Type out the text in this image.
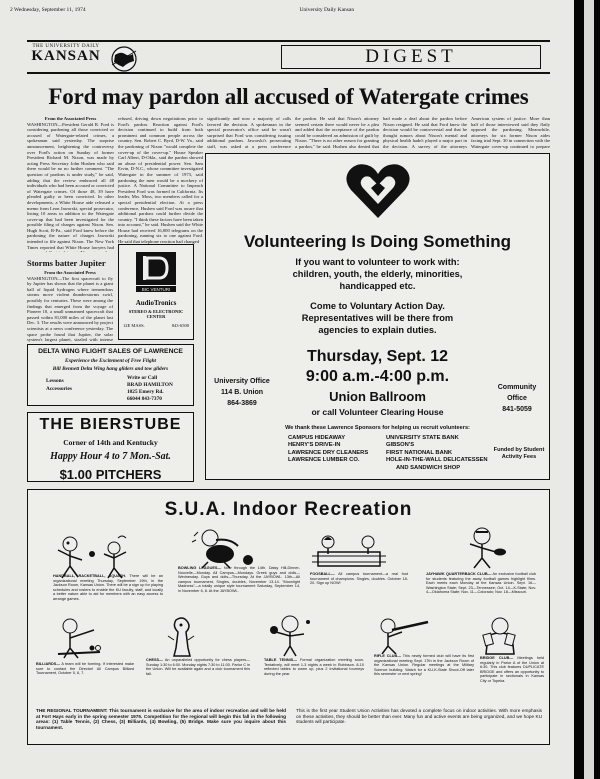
2 Wednesday, September 11, 1974	University Daily Kansan
THE UNIVERSITY DAILY
KANSAN	DIGEST
Ford may pardon all accused of Watergate crimes
From the Associated Press
WASHINGTON—President Gerald R. Ford is considering pardoning all those convicted or accused of Watergate-related crimes, a spokesman said yesterday. The surprise announcement, heightening the controversy over Ford's action on Sunday of former President Richard M. Nixon, was made by acting Press Secretary John Hushen who said there would be no no further comment. "The question of pardons is under study," he said, adding that the review embraced all 48 individuals who had been accused or convicted of Watergate crimes. Of those 48, 39 have pleaded guilty or been convicted. In other developments, a White House aide released a memo from Leon Jaworski, special prosecutor, listing 10 areas in addition to the Watergate cover-up that had been investigated for the possible filing of charges against Nixon. Sen. Hugh Scott, R-Pa., said Ford knew before the pardoning the nature of charges Jaworski intended to file against Nixon. The New York Times reported that White House lawyers had
refused, driving down negotiations prior to Ford's pardon. Reaction against Ford's decision continued to build from both prominent and common people across the country. Sen. Robert C. Byrd, D-W. Va., said the pardoning of Nixon "would complete the cover-up of the cover-up." House Speaker Carl Albert, D-Okla., said the pardon showed an abuse of presidential power. Sen. Sam Ervin, D-N.C., whose committee investigated Watergate in the summer of 1973, said pardoning the men would be a mockery of justice. A National Committee to Impeach President Ford was formed in California. Its leader, Mrs. Moss, two members called for a special presidential election. At a press conference, Hushen said Ford was aware that additional pardons could further divide the country. "I think these factors have been taken into account," he said. Hushen said the White House had received 16,000 telegrams on the pardoning, running six to one against Ford. He said that telephone reaction had changed
significantly and now a majority of calls favored the decision. A spokesman in the special prosecutor's office said he wasn't surprised that Ford was considering issuing additional pardons. Jaworski's prosecuting staff, was asked at a press conference
the pardon. He said that Nixon's attorney seemed certain there would never be a plea and added that the acceptance of the pardon could be considered an admission of guilt by Nixon. "There is no other reason for granting a pardon," he said. Hushen also denied that
had made a deal about the pardon before Nixon resigned. He said that Ford knew the decision would be controversial and that he thought rumors about Nixon's mental and physical health hadn't played a major part in the decision. A survey of the attorneys
American system of justice. More than half of those interviewed said they flatly opposed the pardoning. Meanwhile, attorneys for six former Nixon aides facing trial Sept. 30 in connection with the Watergate cover-up continued to prepare
Storms batter Jupiter
From the Associated Press
WASHINGTON—The first spacecraft to fly by Jupiter has shown that the planet is a giant ball of liquid hydrogen where tremendous storms move violent thunderstorms swirl, possibly for centuries. These were among the findings that emerged from the voyage of Pioneer 10, a small unmanned spacecraft that passed within 81,000 miles of the planet last Dec. 3. The results were announced by project scientists at a news conference yesterday. The space probe found that Jupiter, the solar system's largest planet, sizzled with intense
BIC VENTURI
AudioTronics
STEREO & ELECTRONIC
CENTER
12E MASS.	843-6500
DELTA WING FLIGHT SALES OF LAWRENCE
Experience the Excitement of Free Flight
Bill Bennett Delta Wing hang gliders and tow gliders
Lessons
Accessories
Write or Call
BRAD HAMILTON
1025 Emery Rd.
66044 843-7370
THE BIERSTUBE
Corner of 14th and Kentucky
Happy Hour 4 to 7 Mon.-Sat.
$1.00 PITCHERS
Volunteering Is Doing Something
If you want to volunteer to work with:
children, youth, the elderly, minorities,
handicapped etc.
Come to Voluntary Action Day.
Representatives will be there from
agencies to explain duties.
Thursday, Sept. 12
9:00 a.m.-4:00 p.m.
Union Ballroom
or call Volunteer Clearing House
University Office
114 B. Union
864-3869
Community Office
841-5059
We thank these Lawrence Sponsors for helping us recruit volunteers:
CAMPUS HIDEAWAY
HENRY'S DRIVE-IN
LAWRENCE DRY CLEANERS
LAWRENCE LUMBER CO.
UNIVERSITY STATE BANK
GIBSON'S
FIRST NATIONAL BANK
HOLE-IN-THE-WALL DELICATESSEN
AND SANDWICH SHOP
Funded by Student
Activity Fees
S.U.A. Indoor Recreation
HANDBALL, RACKETBALL, SQUASH. There will be an organizational meeting Thursday, September 19th, in the Jackson Room, Kansas Union. There will be a sign up for playing schedules and rosters to enable the KU faculty, staff, and locally a better nature able to aid for members with an easy access to arrange games.
BOWLING LEAGUES— Now through the 14th. Daisy Hill-Dinner-Nouvelle—Monday. All Campus—Mondays. Greek guys and dolls—Wednesday. Guys and dolls—Thursday. At the JAYBOWL. 13th—All campus tournament, Singles, doubles, November 13-14. "Moonlight Madness"—a totally unique style tournament Saturday, September 14, in November 6, 8. At the JAYBOWL.
FOOSBALL— All campus tournament—a real foot tournament of champions. Singles, doubles. October 18-20. Sign up NOW!
JAYHAWK QUARTERBACK CLUB— An exclusive football club for students featuring the away football games highlight films. Each meets each Monday at the Kansas Union. Sept. 16—Washington State; Sept. 23—Tennessee; Oct. 14—K-State; Nov. 4—Oklahoma State; Nov. 11—Colorado; Nov. 18—Missouri.
BILLIARDS— A team will be forming. If interested make sure to contact the Director! All Campus Billiard Tournament, October 5, 6, 7.
CHESS— An unparalleled opportunity for chess players—Sunday 1:30 to 6:00. Monday nights 7:30 to 11:00. Parlor C in the Union. Will be available again and a club tournament this fall.
TABLE TENNIS— Formal organization meeting soon. Tentatively, will meet 1-3 nights a week in Robinson. 8-10 reflected tables to warm up, plus 2 invitational tourneys during the year.
RIFLE CLUB— This newly formed club will have its first organizational meeting Sept. 17th in the Jackson Room of the Kansas Union. Regular meetings at the Military Science building. Watch for a KU-K-State Shoot-Off later this semester or next spring!
BRIDGE CLUB— Meetings held regularly in Parlor A of the Union at 6:30. This club features DUPLICATE BRIDGE and offers an opportunity to participate in sectionals in Kansas City or Topeka.
THE REGIONAL TOURNAMENT: This tournament is exclusive for the area of indoor recreation and will be held at Fort Hays early in the spring semester 1975. Competition for the regional will begin this fall in the following areas: (1) Table Tennis, (2) Chess, (3) Billiards, (4) Bowling, (5) Bridge. Make sure you inquire about this tournament.
This is the first year Student Union Activities has devoted a complete focus on indoor activities. With more emphasis on these activities, they should be better than ever. Many fun and active events are being organized, and we hope KU students will participate.
